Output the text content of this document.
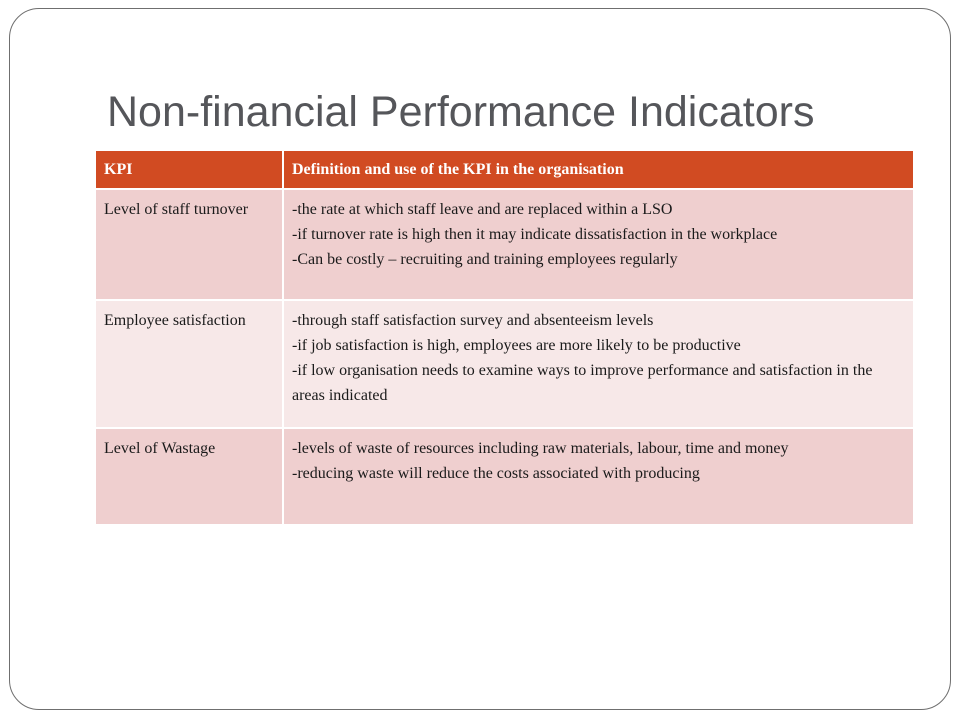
Non-financial Performance Indicators
KPI	Definition and use of the KPI in the organisation
Level of staff turnover	-the rate at which staff leave and are replaced within a LSO
-if turnover rate is high then it may indicate dissatisfaction in the workplace
-Can be costly – recruiting and training employees regularly

Employee satisfaction	-through staff satisfaction survey and absenteeism levels
-if job satisfaction is high, employees are more likely to be productive
-if low organisation needs to examine ways to improve performance and satisfaction in the areas indicated

Level of Wastage	-levels of waste of resources including raw materials, labour, time and money
-reducing waste will reduce the costs associated with producing
